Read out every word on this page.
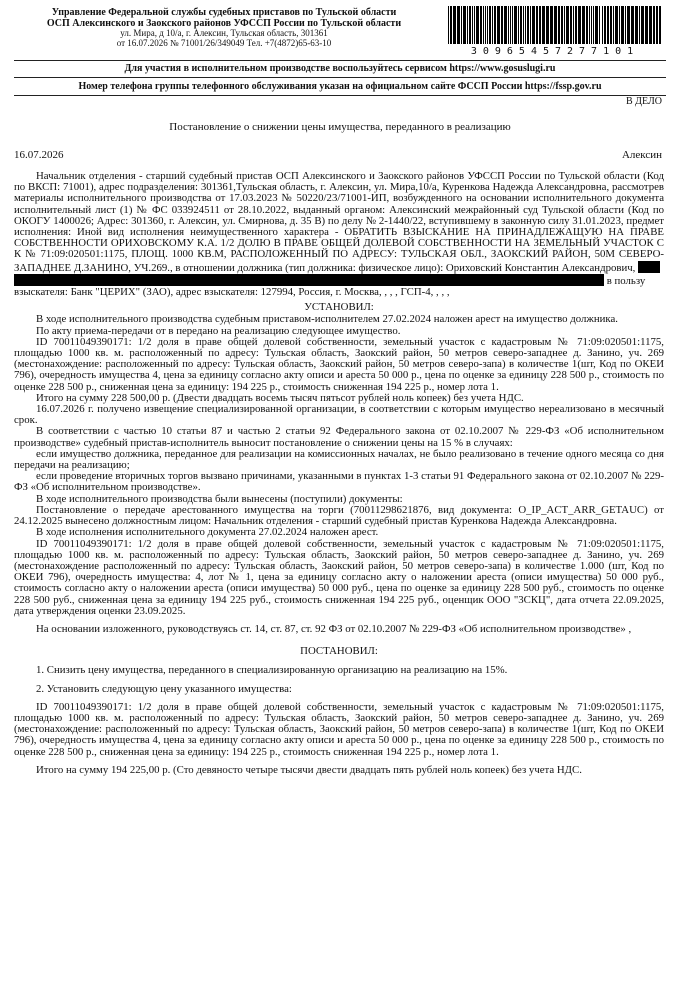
Управление Федеральной службы судебных приставов по Тульской области
ОСП Алексинского и Заокского районов УФССП России по Тульской области
ул. Мира, д 10/а, г. Алексин, Тульская область, 301361
от 16.07.2026 № 71001/26/349049 Тел. +7(4872)65-63-10
30965457277101
Для участия в исполнительном производстве воспользуйтесь сервисом https://www.gosuslugi.ru
Номер телефона группы телефонного обслуживания указан на официальном сайте ФССП России https://fssp.gov.ru
В ДЕЛО
Постановление о снижении цены имущества, переданного в реализацию
16.07.2026	Алексин

Начальник отделения - старший судебный пристав ОСП Алексинского и Заокского районов УФССП России по Тульской области (Код по ВКСП: 71001), адрес подразделения: 301361,Тульская область, г. Алексин, ул. Мира,10/а, Куренкова Надежда Александровна, рассмотрев материалы исполнительного производства от 17.03.2023 № 50220/23/71001-ИП, возбужденного на основании исполнительного документа исполнительный лист (1) № ФС 033924511 от 28.10.2022, выданный органом: Алексинский межрайонный суд Тульской области (Код по ОКОГУ 1400026; Адрес: 301360, г. Алексин, ул. Смирнова, д. 35 В) по делу № 2-1440/22, вступившему в законную силу 31.01.2023, предмет исполнения: Иной вид исполнения неимущественного характера - ОБРАТИТЬ ВЗЫСКАНИЕ НА ПРИНАДЛЕЖАЩУЮ НА ПРАВЕ СОБСТВЕННОСТИ ОРИХОВСКОМУ К.А. 1/2 ДОЛЮ В ПРАВЕ ОБЩЕЙ ДОЛЕВОЙ СОБСТВЕННОСТИ НА ЗЕМЕЛЬНЫЙ УЧАСТОК С К № 71:09:020501:1175, ПЛОЩ. 1000 КВ.М, РАСПОЛОЖЕННЫЙ ПО АДРЕСУ: ТУЛЬСКАЯ ОБЛ., ЗАОКСКИЙ РАЙОН, 50М СЕВЕРО-ЗАПАДНЕЕ Д.ЗАНИНО, УЧ.269., в отношении должника (тип должника: физическое лицо): Ориховский Константин Александрович,

в пользу

взыскателя: Банк "ЦЕРИХ" (ЗАО), адрес взыскателя: 127994, Россия, г. Москва, , , , ГСП-4, , , ,

УСТАНОВИЛ:

В ходе исполнительного производства судебным приставом-исполнителем 27.02.2024 наложен арест на имущество должника.

По акту приема-передачи от в передано на реализацию следующее имущество.

ID 70011049390171: 1/2 доля в праве общей долевой собственности, земельный участок с кадастровым № 71:09:020501:1175, площадью 1000 кв. м. расположенный по адресу: Тульская область, Заокский район, 50 метров северо-западнее д. Занино, уч. 269 (местонахождение: расположенный по адресу: Тульская область, Заокский район, 50 метров северо-запа) в количестве 1(шт, Код по ОКЕИ 796), очередность имущества 4, цена за единицу согласно акту описи и ареста 50 000 р., цена по оценке за единицу 228 500 р., стоимость по оценке 228 500 р., сниженная цена за единицу: 194 225 р., стоимость сниженная 194 225 р., номер лота 1.

Итого на сумму 228 500,00 р. (Двести двадцать восемь тысяч пятьсот рублей ноль копеек) без учета НДС.

16.07.2026 г. получено извещение специализированной организации, в соответствии с которым имущество нереализовано в месячный срок.

В соответствии с частью 10 статьи 87 и частью 2 статьи 92 Федерального закона от 02.10.2007 № 229-ФЗ «Об исполнительном производстве» судебный пристав-исполнитель выносит постановление о снижении цены на 15 % в случаях:

если имущество должника, переданное для реализации на комиссионных началах, не было реализовано в течение одного месяца со дня передачи на реализацию;

если проведение вторичных торгов вызвано причинами, указанными в пунктах 1-3 статьи 91 Федерального закона от 02.10.2007 № 229-ФЗ «Об исполнительном производстве».

В ходе исполнительного производства были вынесены (поступили) документы:

Постановление о передаче арестованного имущества на торги (70011298621876, вид документа: O_IP_ACT_ARR_GETAUC) от 24.12.2025 вынесено должностным лицом: Начальник отделения - старший судебный пристав Куренкова Надежда Александровна.

В ходе исполнения исполнительного документа 27.02.2024 наложен арест.

ID 70011049390171: 1/2 доля в праве общей долевой собственности, земельный участок с кадастровым № 71:09:020501:1175, площадью 1000 кв. м. расположенный по адресу: Тульская область, Заокский район, 50 метров северо-западнее д. Занино, уч. 269 (местонахождение расположенный по адресу: Тульская область, Заокский район, 50 метров северо-запа) в количестве 1.000 (шт, Код по ОКЕИ 796), очередность имущества: 4, лот № 1, цена за единицу согласно акту о наложении ареста (описи имущества) 50 000 руб., стоимость согласно акту о наложении ареста (описи имущества) 50 000 руб., цена по оценке за единицу 228 500 руб., стоимость по оценке 228 500 руб., сниженная цена за единицу 194 225 руб., стоимость сниженная 194 225 руб., оценщик ООО "3СКЦ", дата отчета 22.09.2025, дата утверждения оценки 23.09.2025.

На основании изложенного, руководствуясь ст. 14, ст. 87, ст. 92 ФЗ от 02.10.2007 № 229-ФЗ «Об исполнительном производстве» ,

ПОСТАНОВИЛ:

1. Снизить цену имущества, переданного в специализированную организацию на реализацию на 15%.

2. Установить следующую цену указанного имущества:

ID 70011049390171: 1/2 доля в праве общей долевой собственности, земельный участок с кадастровым № 71:09:020501:1175, площадью 1000 кв. м. расположенный по адресу: Тульская область, Заокский район, 50 метров северо-западнее д. Занино, уч. 269 (местонахождение: расположенный по адресу: Тульская область, Заокский район, 50 метров северо-запа) в количестве 1(шт, Код по ОКЕИ 796), очередность имущества 4, цена за единицу согласно акту описи и ареста 50 000 р., цена по оценке за единицу 228 500 р., стоимость по оценке 228 500 р., сниженная цена за единицу: 194 225 р., стоимость сниженная 194 225 р., номер лота 1.

Итого на сумму 194 225,00 р. (Сто девяносто четыре тысячи двести двадцать пять рублей ноль копеек) без учета НДС.
